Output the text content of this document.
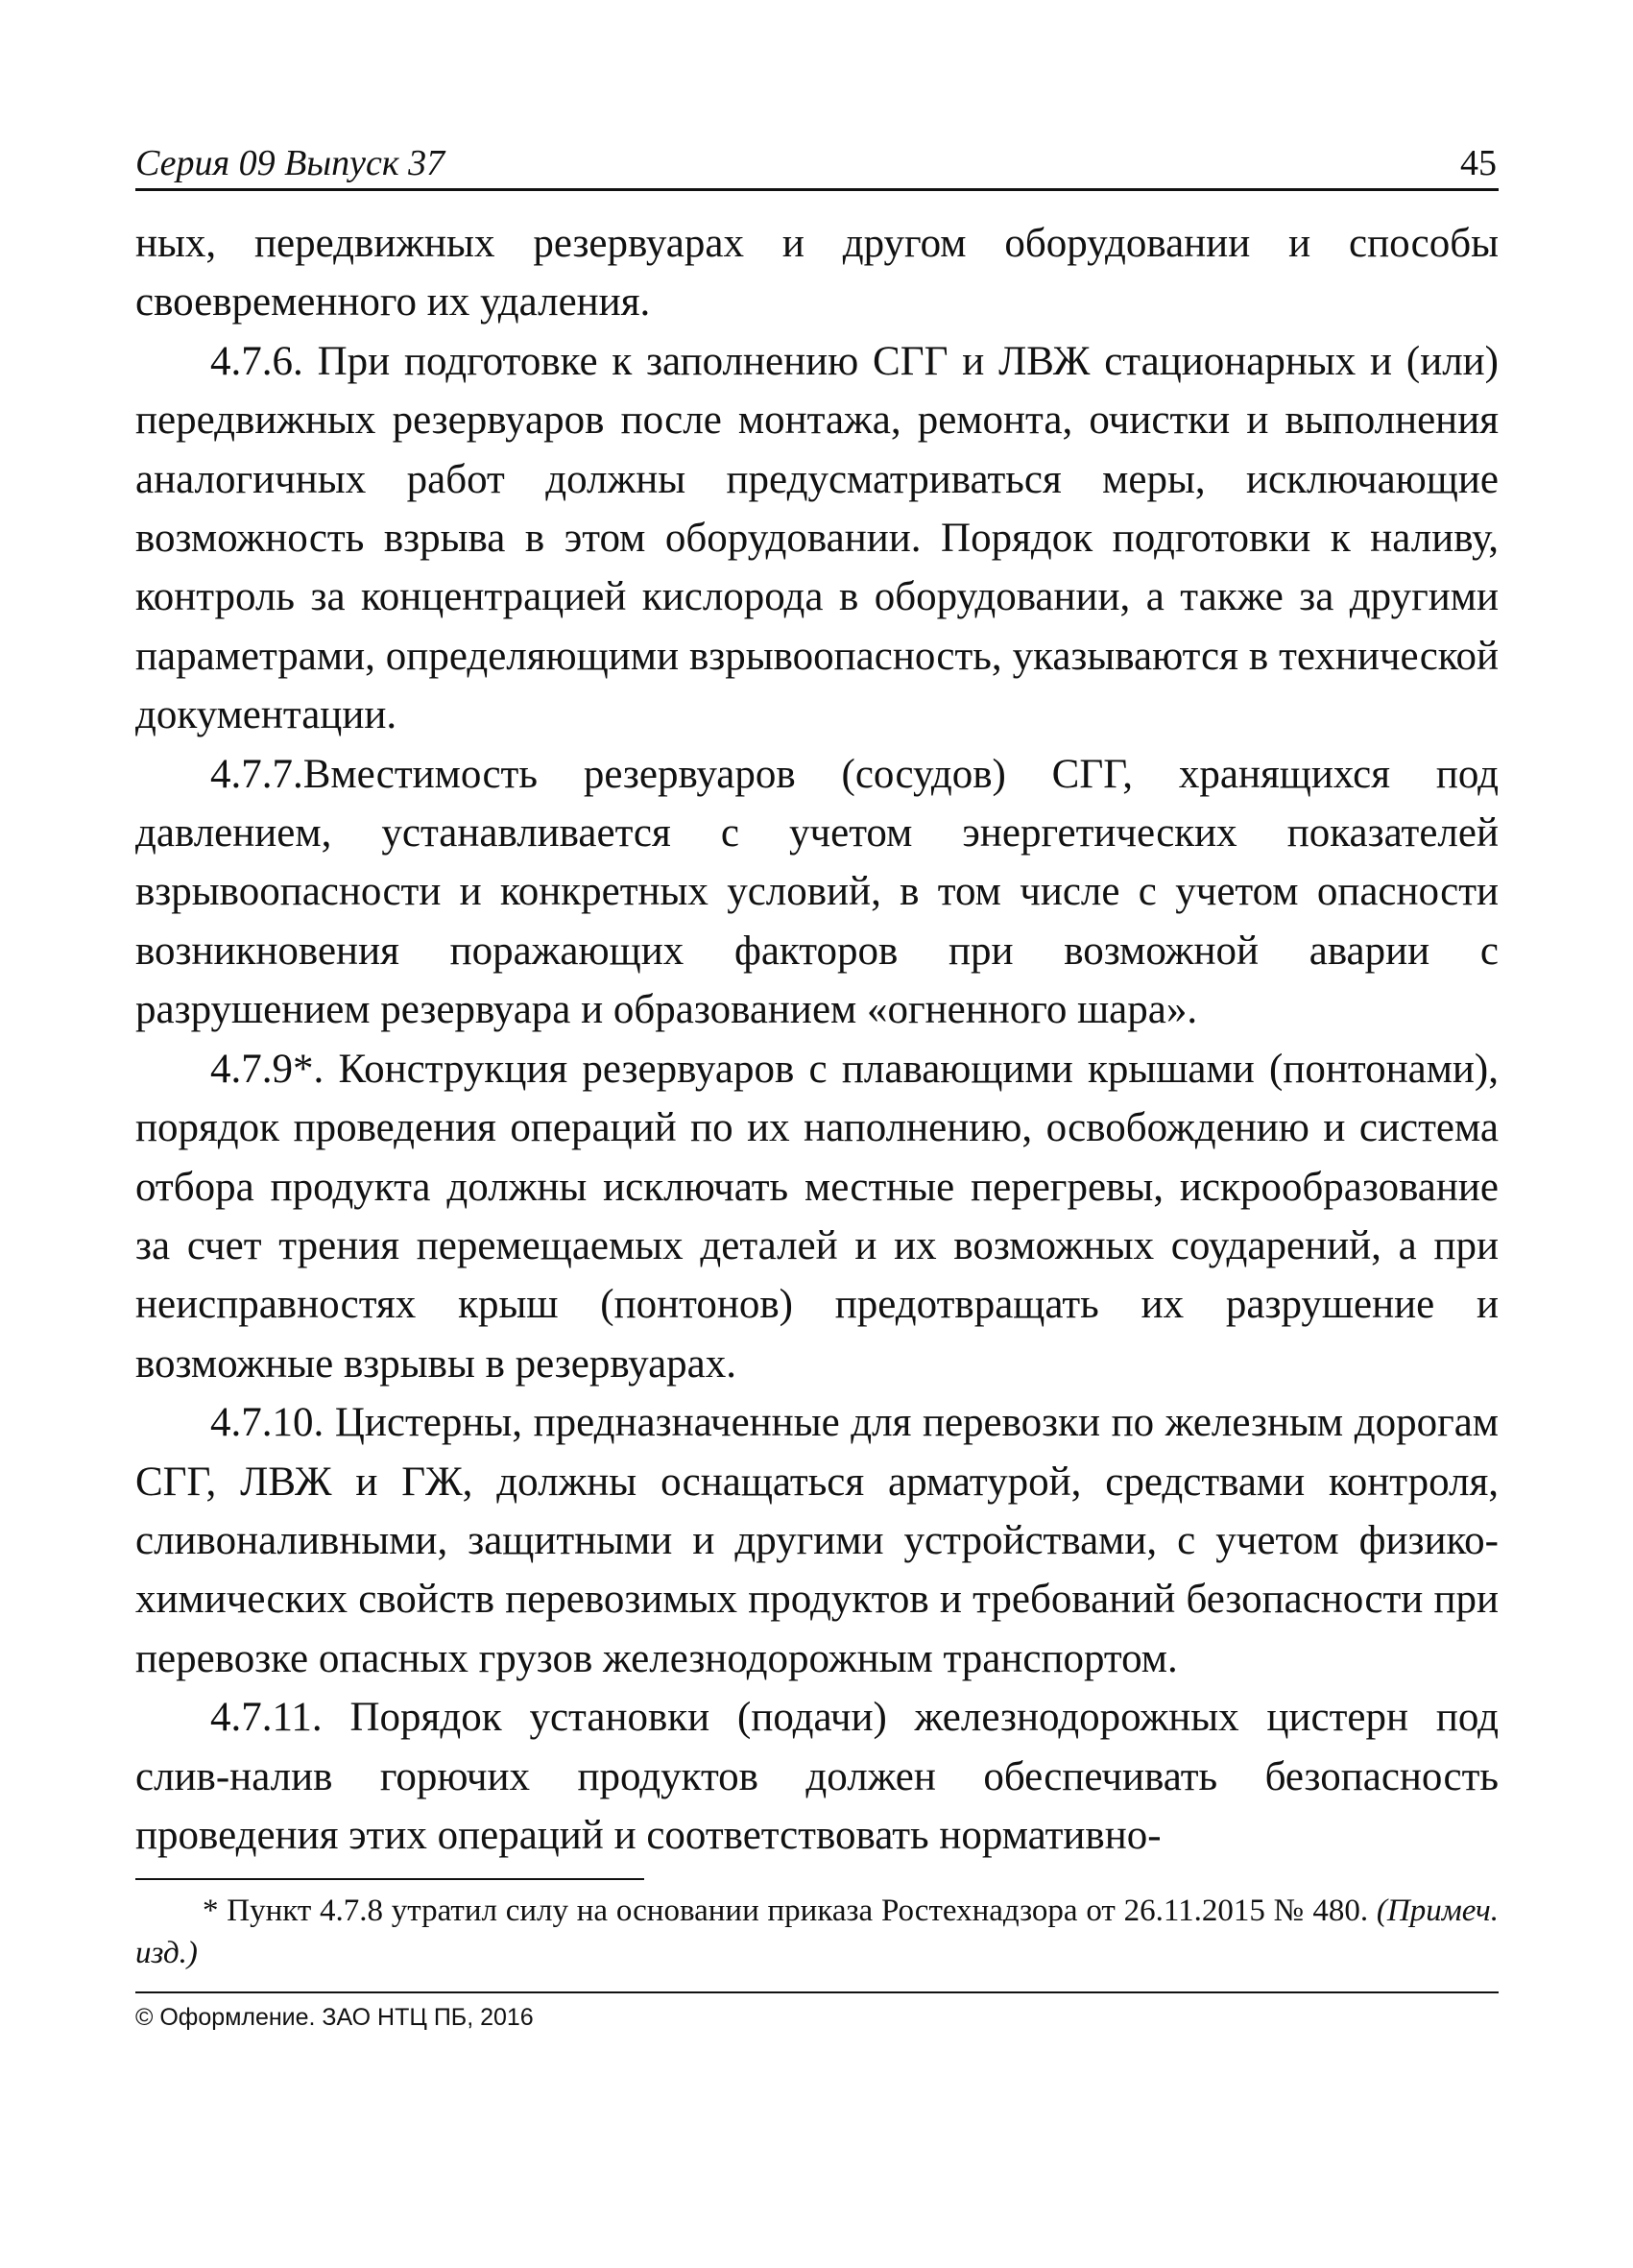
Серия 09 Выпуск 37	45

ных, передвижных резервуарах и другом оборудовании и способы своевременного их удаления.

4.7.6. При подготовке к заполнению СГГ и ЛВЖ стационарных и (или) передвижных резервуаров после монтажа, ремонта, очистки и выполнения аналогичных работ должны предусматриваться меры, исключающие возможность взрыва в этом оборудовании. Порядок подготовки к наливу, контроль за концентрацией кислорода в оборудовании, а также за другими параметрами, определяющими взрывоопасность, указываются в технической документации.

4.7.7.Вместимость резервуаров (сосудов) СГГ, хранящихся под давлением, устанавливается с учетом энергетических показателей взрывоопасности и конкретных условий, в том числе с учетом опасности возникновения поражающих факторов при возможной аварии с разрушением резервуара и образованием «огненного шара».

4.7.9*. Конструкция резервуаров с плавающими крышами (понтонами), порядок проведения операций по их наполнению, освобождению и система отбора продукта должны исключать местные перегревы, искрообразование за счет трения перемещаемых деталей и их возможных соударений, а при неисправностях крыш (понтонов) предотвращать их разрушение и возможные взрывы в резервуарах.

4.7.10. Цистерны, предназначенные для перевозки по железным дорогам СГГ, ЛВЖ и ГЖ, должны оснащаться арматурой, средствами контроля, сливоналивными, защитными и другими устройствами, с учетом физико-химических свойств перевозимых продуктов и требований безопасности при перевозке опасных грузов железнодорожным транспортом.

4.7.11. Порядок установки (подачи) железнодорожных цистерн под слив-налив горючих продуктов должен обеспечивать безопасность проведения этих операций и соответствовать нормативно-

* Пункт 4.7.8 утратил силу на основании приказа Ростехнадзора от 26.11.2015 № 480. (Примеч. изд.)
© Оформление. ЗАО НТЦ ПБ, 2016
